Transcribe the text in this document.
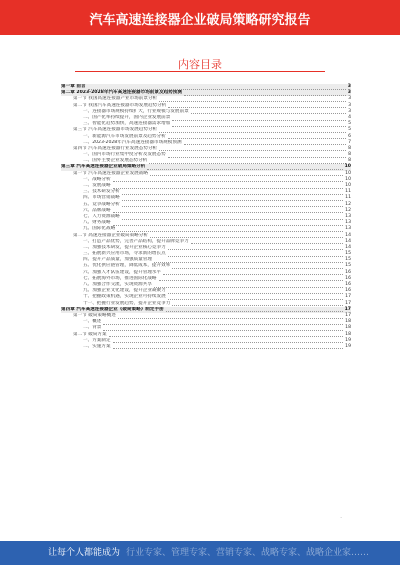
汽车高速连接器企业破局策略研究报告
内容目录
第一章 前言	3
第二章 2023-2028年汽车高速连接器市场前景及趋势预测	3
第一节 我国高速连接器产业市场前景分析	3
第二节 我国汽车高速连接器市场发展趋势分析	3
一、连接器市场规模持续扩大，行业规模与发展前景	3
二、国产化率持续提升，国内企业发展前景	4
三、智能化趋势加快，高速连接器需求增加	5
第三节 汽车高速连接器市场发展趋势分析	5
一、新能源汽车市场发展前景及趋势分析	6
二、2023-2028年汽车高速连接器市场规模预测	7
第四节 汽车高速连接器行业发展态势分析	8
一、国内市场行业集中度分析及发展态势	8
二、国外主要企业发展态势分析	8
第三章 汽车高速连接器企业破局策略分析	10
第一节 汽车高速连接器企业发展战略	10
一、战略分析	10
二、发展战略	10
三、技术研发分析	11
四、市场营销战略	11
五、竞争战略分析	12
六、品牌战略	12
七、人力资源战略	13
八、财务战略	13
九、国际化战略	13
第二节 高速连接器企业破局策略分析	14
一、打造产品优势，完善产品结构，提升品牌竞争力	14
二、加强技术研发，提升企业核心竞争力	14
三、拓展新兴应用市场，寻求新的增长点	15
四、提升产品质量，加强质量管理	15
五、优化供应链管理，降低成本，提升效率	15
六、加强人才队伍建设，提升管理水平	16
七、拓展海外市场，推进国际化战略	16
八、加强合作交流，实现资源共享	16
九、加强企业文化建设，提升企业凝聚力	16
十、把握政策机遇，实现企业可持续发展	17
十一、把握行业发展趋势，提升企业竞争力	17
第四章 汽车高速连接器企业《破局策略》制定手册	17
第一节 破局策略概述	17
一、概述	18
二、背景	18
第二节 破局方案	18
一、方案制定	19
二、实施方案	19
·
让每个人都能成为 行业专家、管理专家、营销专家、战略专家、战略企业家……
